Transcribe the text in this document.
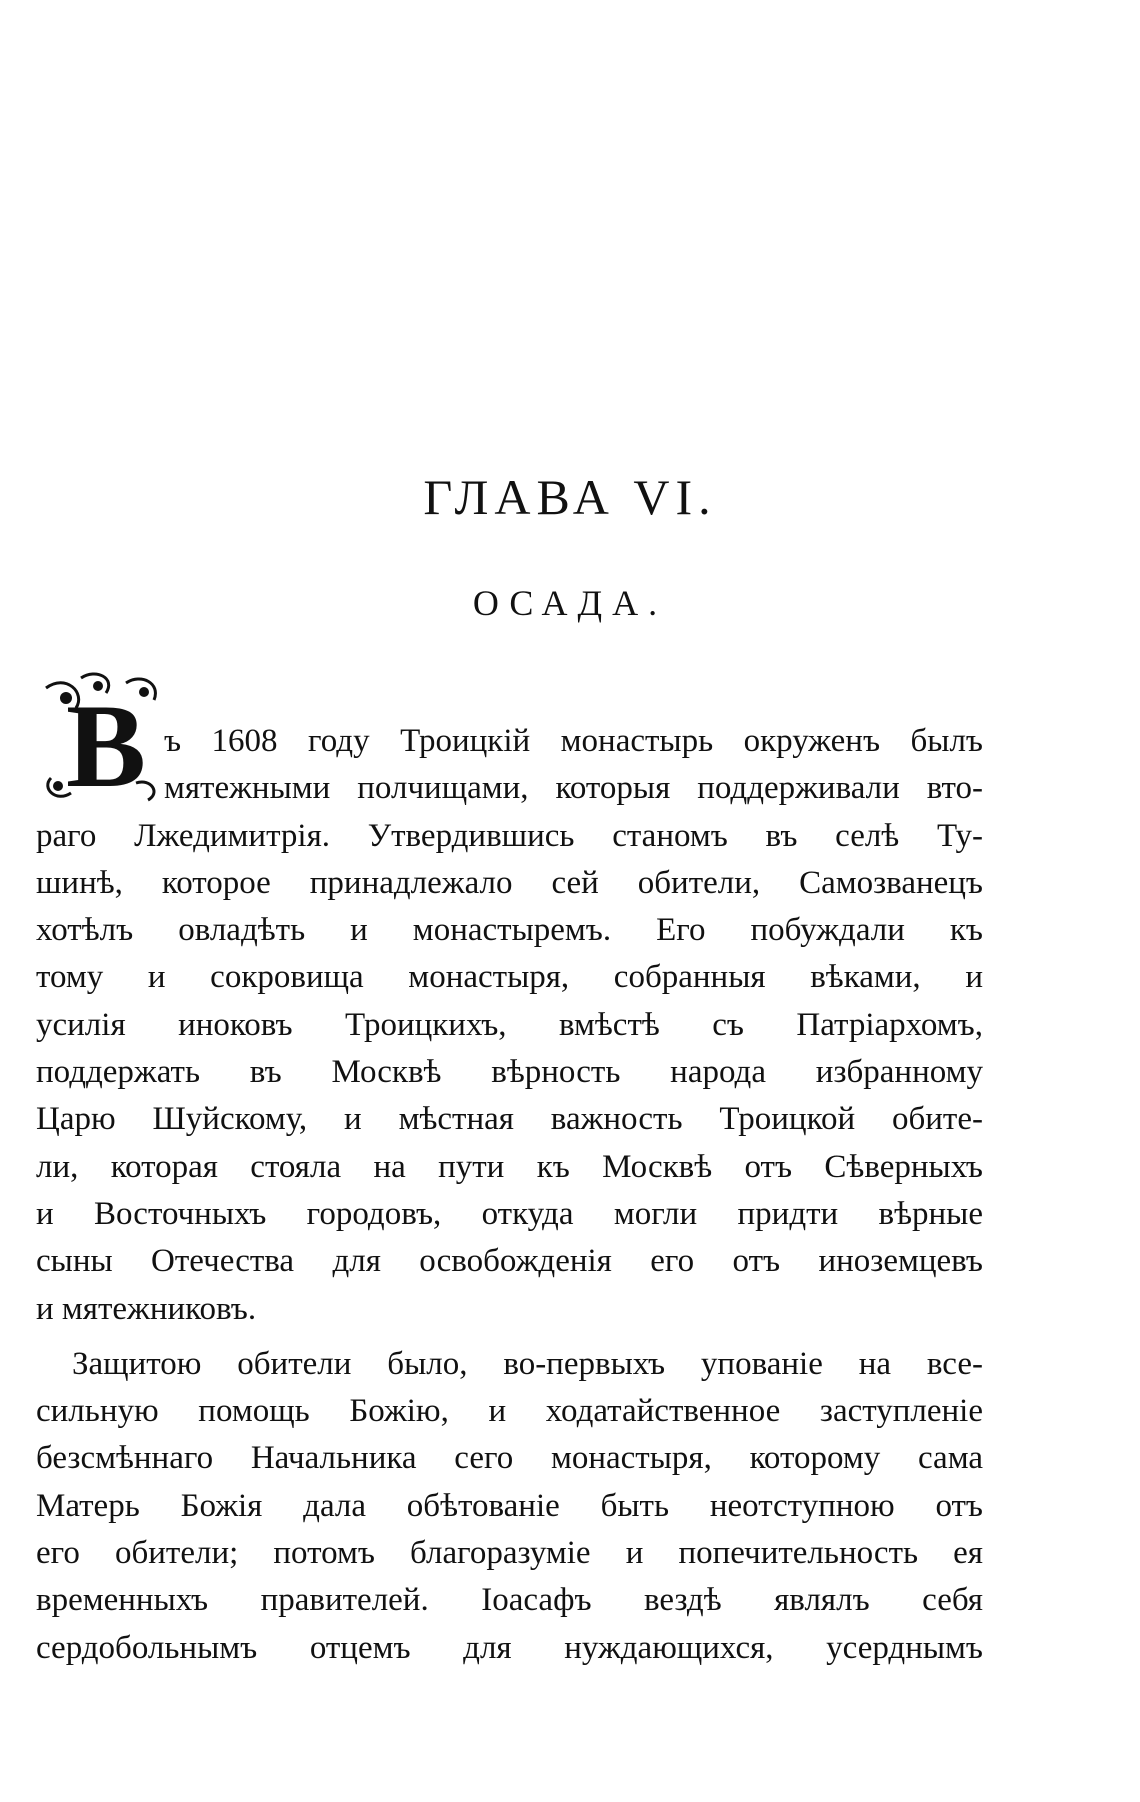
ГЛАВА VI.
ОСАДА.
В ъ 1608 году Троицкій монастырь окруженъ былъ
мятежными полчищами, которыя поддерживали вто-
раго Лжедимитрія. Утвердившись станомъ въ селѣ Ту-
шинѣ, которое принадлежало сей обители, Самозванецъ
хотѣлъ овладѣть и монастыремъ. Его побуждали къ
тому и сокровища монастыря, собранныя вѣками, и
усилія иноковъ Троицкихъ, вмѣстѣ съ Патріархомъ,
поддержать въ Москвѣ вѣрность народа избранному
Царю Шуйскому, и мѣстная важность Троицкой обите-
ли, которая стояла на пути къ Москвѣ отъ Сѣверныхъ
и Восточныхъ городовъ, откуда могли придти вѣрные
сыны Отечества для освобожденія его отъ иноземцевъ
и мятежниковъ.
Защитою обители было, во-первыхъ упованіе на все-
сильную помощь Божію, и ходатайственное заступленіе
безсмѣннаго Начальника сего монастыря, которому сама
Матерь Божія дала обѣтованіе быть неотступною отъ
его обители; потомъ благоразуміе и попечительность ея
временныхъ правителей. Іоасафъ вездѣ являлъ себя
сердобольнымъ отцемъ для нуждающихся, усерднымъ
